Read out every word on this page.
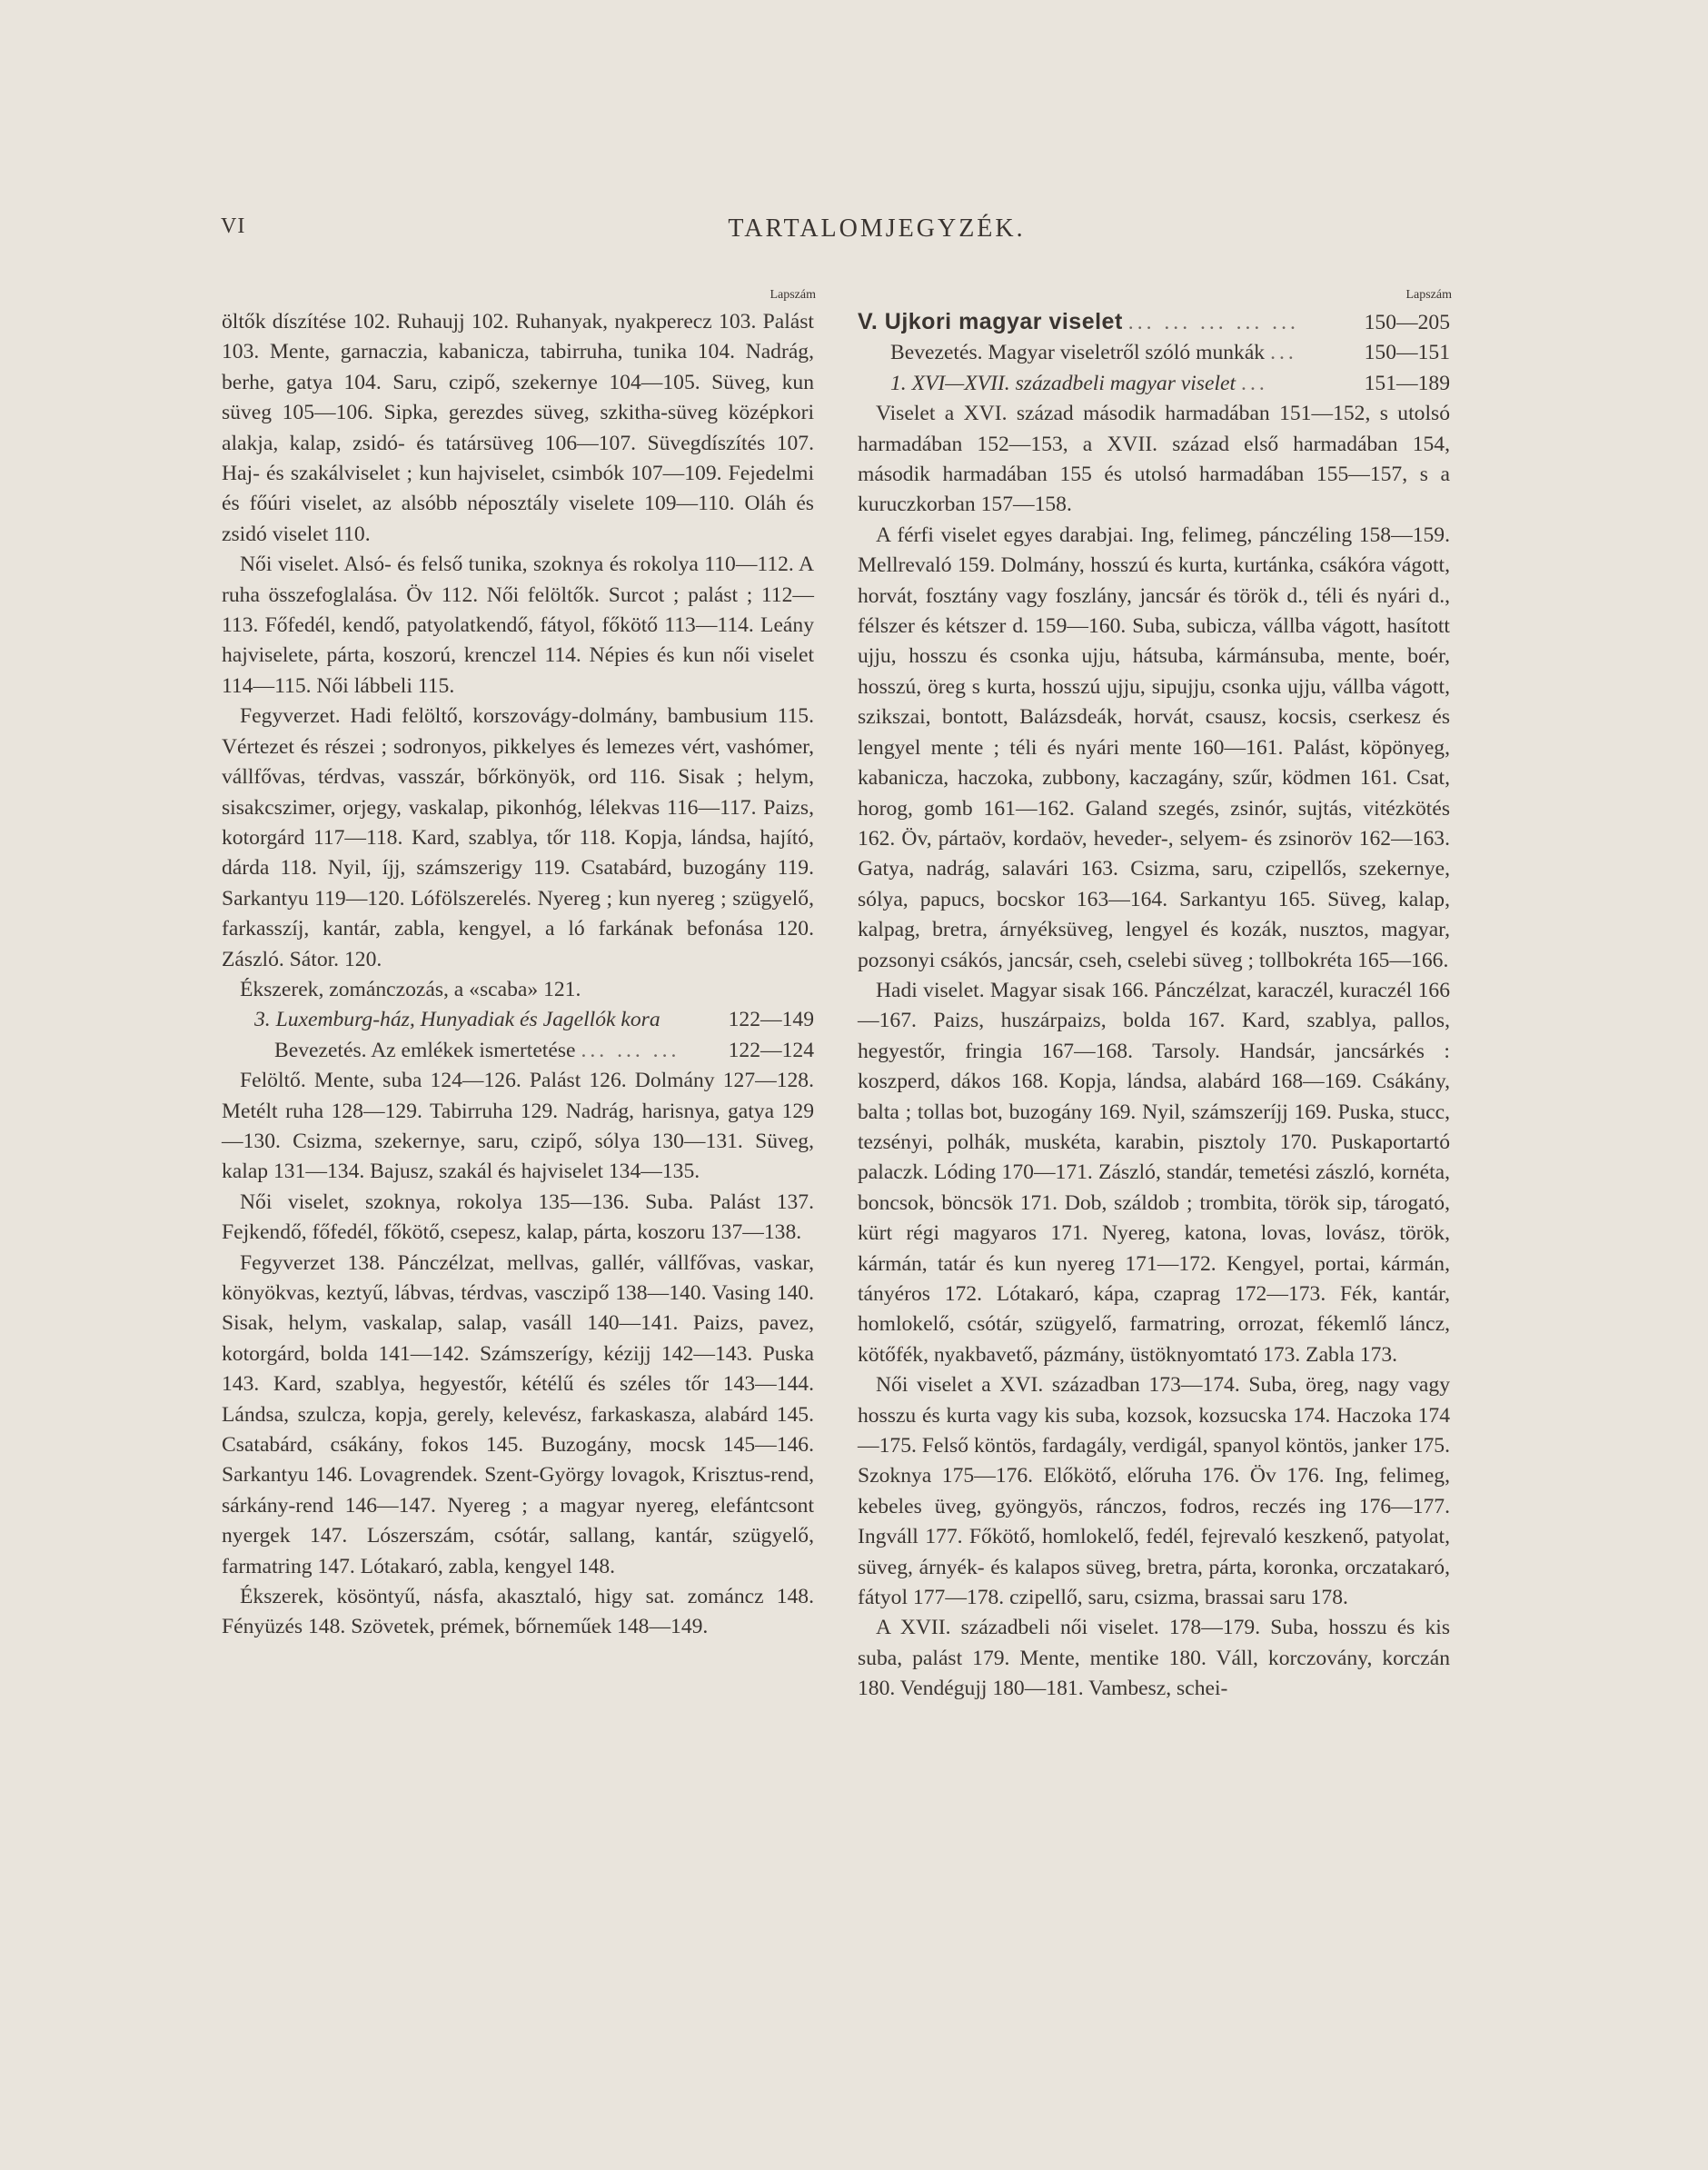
VI	TARTALOMJEGYZÉK.
Lapszám

öltők díszítése 102. Ruhaujj 102. Ruhanyak, nyakperecz 103. Palást 103. Mente, garnaczia, kabanicza, tabirruha, tunika 104. Nadrág, berhe, gatya 104. Saru, czipő, szekernye 104—105. Süveg, kun süveg 105—106. Sipka, gerezdes süveg, szkitha-süveg középkori alakja, kalap, zsidó- és tatársüveg 106—107. Süvegdíszítés 107. Haj- és szakálviselet ; kun hajviselet, csimbók 107—109. Fejedelmi és főúri viselet, az alsóbb néposztály viselete 109—110. Oláh és zsidó viselet 110.

Női viselet. Alsó- és felső tunika, szoknya és rokolya 110—112. A ruha összefoglalása. Öv 112. Női felöltők. Surcot ; palást ; 112—113. Főfedél, kendő, patyolatkendő, fátyol, főkötő 113—114. Leány hajviselete, párta, koszorú, krenczel 114. Népies és kun női viselet 114—115. Női lábbeli 115.

Fegyverzet. Hadi felöltő, korszovágy-dolmány, bambusium 115. Vértezet és részei ; sodronyos, pikkelyes és lemezes vért, vashómer, vállfővas, térdvas, vasszár, bőrkönyök, ord 116. Sisak ; helym, sisakcszimer, orjegy, vaskalap, pikonhóg, lélekvas 116—117. Paizs, kotorgárd 117—118. Kard, szablya, tőr 118. Kopja, lándsa, hajító, dárda 118. Nyil, íjj, számszerigy 119. Csatabárd, buzogány 119. Sarkantyu 119—120. Lófölszerelés. Nyereg ; kun nyereg ; szügyelő, farkasszíj, kantár, zabla, kengyel, a ló farkának befonása 120. Zászló. Sátor. 120.

Ékszerek, zománczozás, a «scaba» 121.

3. Luxemburg-ház, Hunyadiak és Jagellók kora	122—149
Bevezetés. Az emlékek ismertetése ... ... ...	122—124

Felöltő. Mente, suba 124—126. Palást 126. Dolmány 127—128. Metélt ruha 128—129. Tabirruha 129. Nadrág, harisnya, gatya 129—130. Csizma, szekernye, saru, czipő, sólya 130—131. Süveg, kalap 131—134. Bajusz, szakál és hajviselet 134—135.

Női viselet, szoknya, rokolya 135—136. Suba. Palást 137. Fejkendő, főfedél, főkötő, csepesz, kalap, párta, koszoru 137—138.

Fegyverzet 138. Pánczélzat, mellvas, gallér, vállfővas, vaskar, könyökvas, keztyű, lábvas, térdvas, vasczipő 138—140. Vasing 140. Sisak, helym, vaskalap, salap, vasáll 140—141. Paizs, pavez, kotorgárd, bolda 141—142. Számszerígy, kézijj 142—143. Puska 143. Kard, szablya, hegyestőr, kétélű és széles tőr 143—144. Lándsa, szulcza, kopja, gerely, kelevész, farkaskasza, alabárd 145. Csatabárd, csákány, fokos 145. Buzogány, mocsk 145—146. Sarkantyu 146. Lovagrendek. Szent-György lovagok, Krisztus-rend, sárkány-rend 146—147. Nyereg ; a magyar nyereg, elefántcsont nyergek 147. Lószerszám, csótár, sallang, kantár, szügyelő, farmatring 147. Lótakaró, zabla, kengyel 148.

Ékszerek, kösöntyű, násfa, akasztaló, higy sat. zománcz 148. Fényüzés 148. Szövetek, prémek, bőrneműek 148—149.

Lapszám
V. Ujkori magyar viselet ... ... ... ... ...	150—205
Bevezetés. Magyar viseletről szóló munkák ...	150—151
1. XVI—XVII. századbeli magyar viselet ...	151—189

Viselet a XVI. század második harmadában 151—152, s utolsó harmadában 152—153, a XVII. század első harmadában 154, második harmadában 155 és utolsó harmadában 155—157, s a kuruczkorban 157—158.

A férfi viselet egyes darabjai. Ing, felimeg, pánczéling 158—159. Mellrevaló 159. Dolmány, hosszú és kurta, kurtánka, csákóra vágott, horvát, fosztány vagy foszlány, jancsár és török d., téli és nyári d., félszer és kétszer d. 159—160. Suba, subicza, vállba vágott, hasított ujju, hosszu és csonka ujju, hátsuba, kármánsuba, mente, boér, hosszú, öreg s kurta, hosszú ujju, sipujju, csonka ujju, vállba vágott, szikszai, bontott, Balázsdeák, horvát, csausz, kocsis, cserkesz és lengyel mente ; téli és nyári mente 160—161. Palást, köpönyeg, kabanicza, haczoka, zubbony, kaczagány, szűr, ködmen 161. Csat, horog, gomb 161—162. Galand szegés, zsinór, sujtás, vitézkötés 162. Öv, pártaöv, kordaöv, heveder-, selyem- és zsinoröv 162—163. Gatya, nadrág, salavári 163. Csizma, saru, czipellős, szekernye, sólya, papucs, bocskor 163—164. Sarkantyu 165. Süveg, kalap, kalpag, bretra, árnyéksüveg, lengyel és kozák, nusztos, magyar, pozsonyi csákós, jancsár, cseh, cselebi süveg ; tollbokréta 165—166.

Hadi viselet. Magyar sisak 166. Pánczélzat, karaczél, kuraczél 166—167. Paizs, huszárpaizs, bolda 167. Kard, szablya, pallos, hegyestőr, fringia 167—168. Tarsoly. Handsár, jancsárkés : koszperd, dákos 168. Kopja, lándsa, alabárd 168—169. Csákány, balta ; tollas bot, buzogány 169. Nyil, számszeríjj 169. Puska, stucc, tezsényi, polhák, muskéta, karabin, pisztoly 170. Puskaportartó palaczk. Lóding 170—171. Zászló, standár, temetési zászló, kornéta, boncsok, böncsök 171. Dob, száldob ; trombita, török sip, tárogató, kürt régi magyaros 171. Nyereg, katona, lovas, lovász, török, kármán, tatár és kun nyereg 171—172. Kengyel, portai, kármán, tányéros 172. Lótakaró, kápa, czaprag 172—173. Fék, kantár, homlokelő, csótár, szügyelő, farmatring, orrozat, fékemlő láncz, kötőfék, nyakbavető, pázmány, üstöknyomtató 173. Zabla 173.

Női viselet a XVI. században 173—174. Suba, öreg, nagy vagy hosszu és kurta vagy kis suba, kozsok, kozsucska 174. Haczoka 174—175. Felső köntös, fardagály, verdigál, spanyol köntös, janker 175. Szoknya 175—176. Előkötő, előruha 176. Öv 176. Ing, felimeg, kebeles üveg, gyöngyös, ránczos, fodros, reczés ing 176—177. Ingváll 177. Főkötő, homlokelő, fedél, fejrevaló keszkenő, patyolat, süveg, árnyék- és kalapos süveg, bretra, párta, koronka, orczatakaró, fátyol 177—178. czipellő, saru, csizma, brassai saru 178.

A XVII. századbeli női viselet. 178—179. Suba, hosszu és kis suba, palást 179. Mente, mentike 180. Váll, korczovány, korczán 180. Vendégujj 180—181. Vambesz, schei-
